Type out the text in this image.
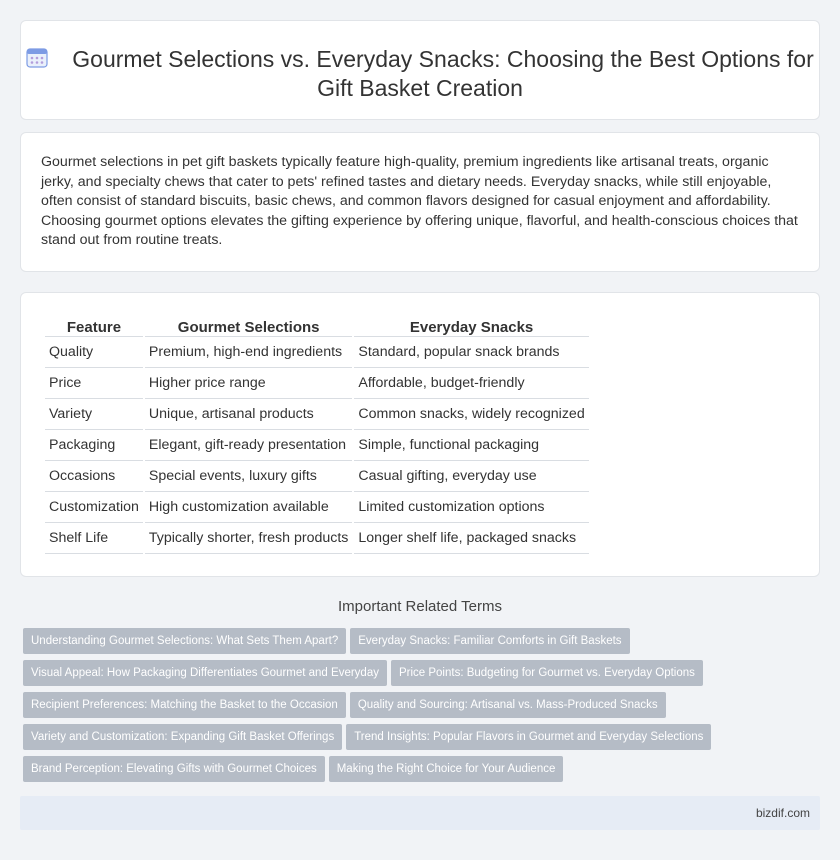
Gourmet Selections vs. Everyday Snacks: Choosing the Best Options for Gift Basket Creation

Gourmet selections in pet gift baskets typically feature high-quality, premium ingredients like artisanal treats, organic jerky, and specialty chews that cater to pets' refined tastes and dietary needs. Everyday snacks, while still enjoyable, often consist of standard biscuits, basic chews, and common flavors designed for casual enjoyment and affordability. Choosing gourmet options elevates the gifting experience by offering unique, flavorful, and health-conscious choices that stand out from routine treats.

Feature	Gourmet Selections	Everyday Snacks
Quality	Premium, high-end ingredients	Standard, popular snack brands
Price	Higher price range	Affordable, budget-friendly
Variety	Unique, artisanal products	Common snacks, widely recognized
Packaging	Elegant, gift-ready presentation	Simple, functional packaging
Occasions	Special events, luxury gifts	Casual gifting, everyday use
Customization	High customization available	Limited customization options
Shelf Life	Typically shorter, fresh products	Longer shelf life, packaged snacks
Important Related Terms
Understanding Gourmet Selections: What Sets Them Apart? Everyday Snacks: Familiar Comforts in Gift Baskets
Visual Appeal: How Packaging Differentiates Gourmet and Everyday Price Points: Budgeting for Gourmet vs. Everyday Options
Recipient Preferences: Matching the Basket to the Occasion Quality and Sourcing: Artisanal vs. Mass-Produced Snacks
Variety and Customization: Expanding Gift Basket Offerings Trend Insights: Popular Flavors in Gourmet and Everyday Selections
Brand Perception: Elevating Gifts with Gourmet Choices Making the Right Choice for Your Audience
bizdif.com
